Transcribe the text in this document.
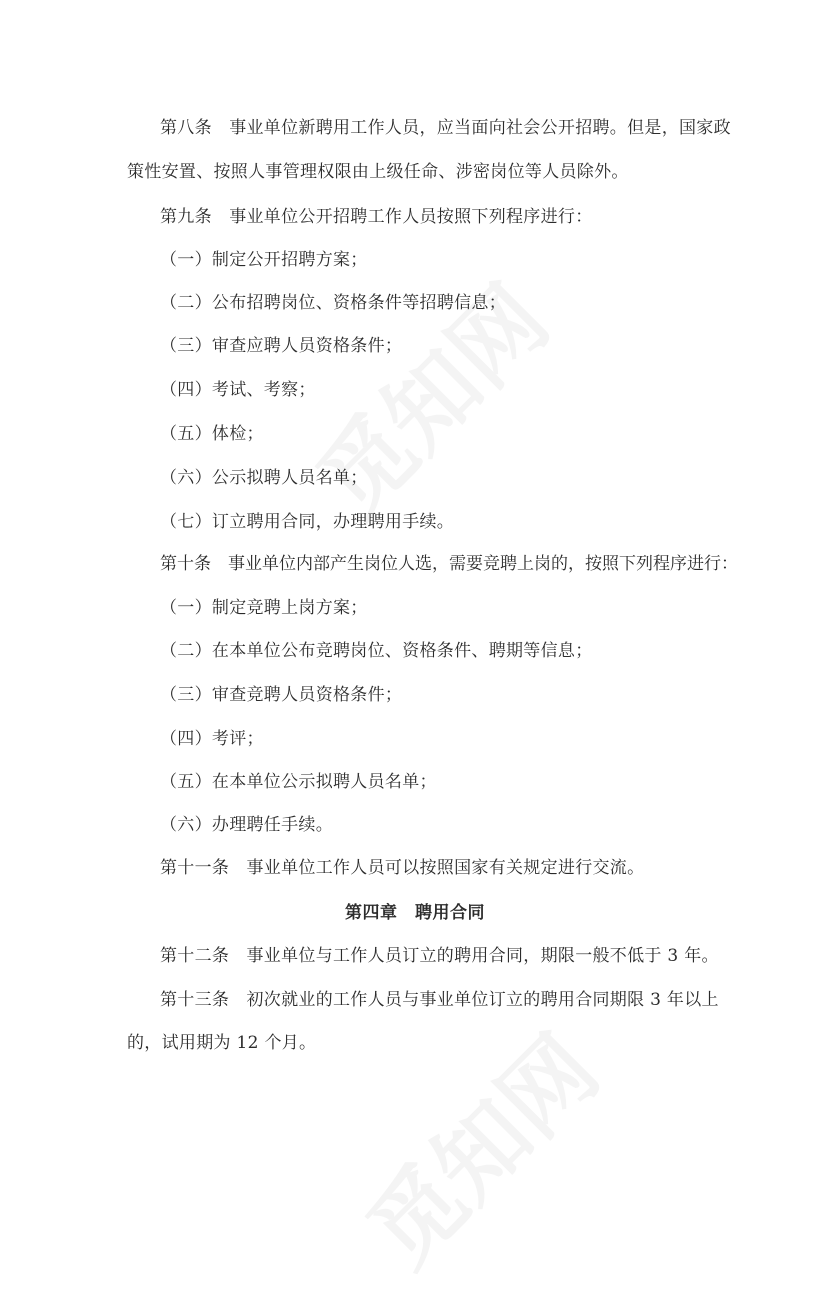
第八条　事业单位新聘用工作人员，应当面向社会公开招聘。但是，国家政
策性安置、按照人事管理权限由上级任命、涉密岗位等人员除外。
第九条　事业单位公开招聘工作人员按照下列程序进行：
（一）制定公开招聘方案；
（二）公布招聘岗位、资格条件等招聘信息；
（三）审查应聘人员资格条件；
（四）考试、考察；
（五）体检；
（六）公示拟聘人员名单；
（七）订立聘用合同，办理聘用手续。
第十条　事业单位内部产生岗位人选，需要竞聘上岗的，按照下列程序进行：
（一）制定竞聘上岗方案；
（二）在本单位公布竞聘岗位、资格条件、聘期等信息；
（三）审查竞聘人员资格条件；
（四）考评；
（五）在本单位公示拟聘人员名单；
（六）办理聘任手续。
第十一条　事业单位工作人员可以按照国家有关规定进行交流。
第四章　聘用合同
第十二条　事业单位与工作人员订立的聘用合同，期限一般不低于 3 年。
第十三条　初次就业的工作人员与事业单位订立的聘用合同期限 3 年以上
的，试用期为 12 个月。
